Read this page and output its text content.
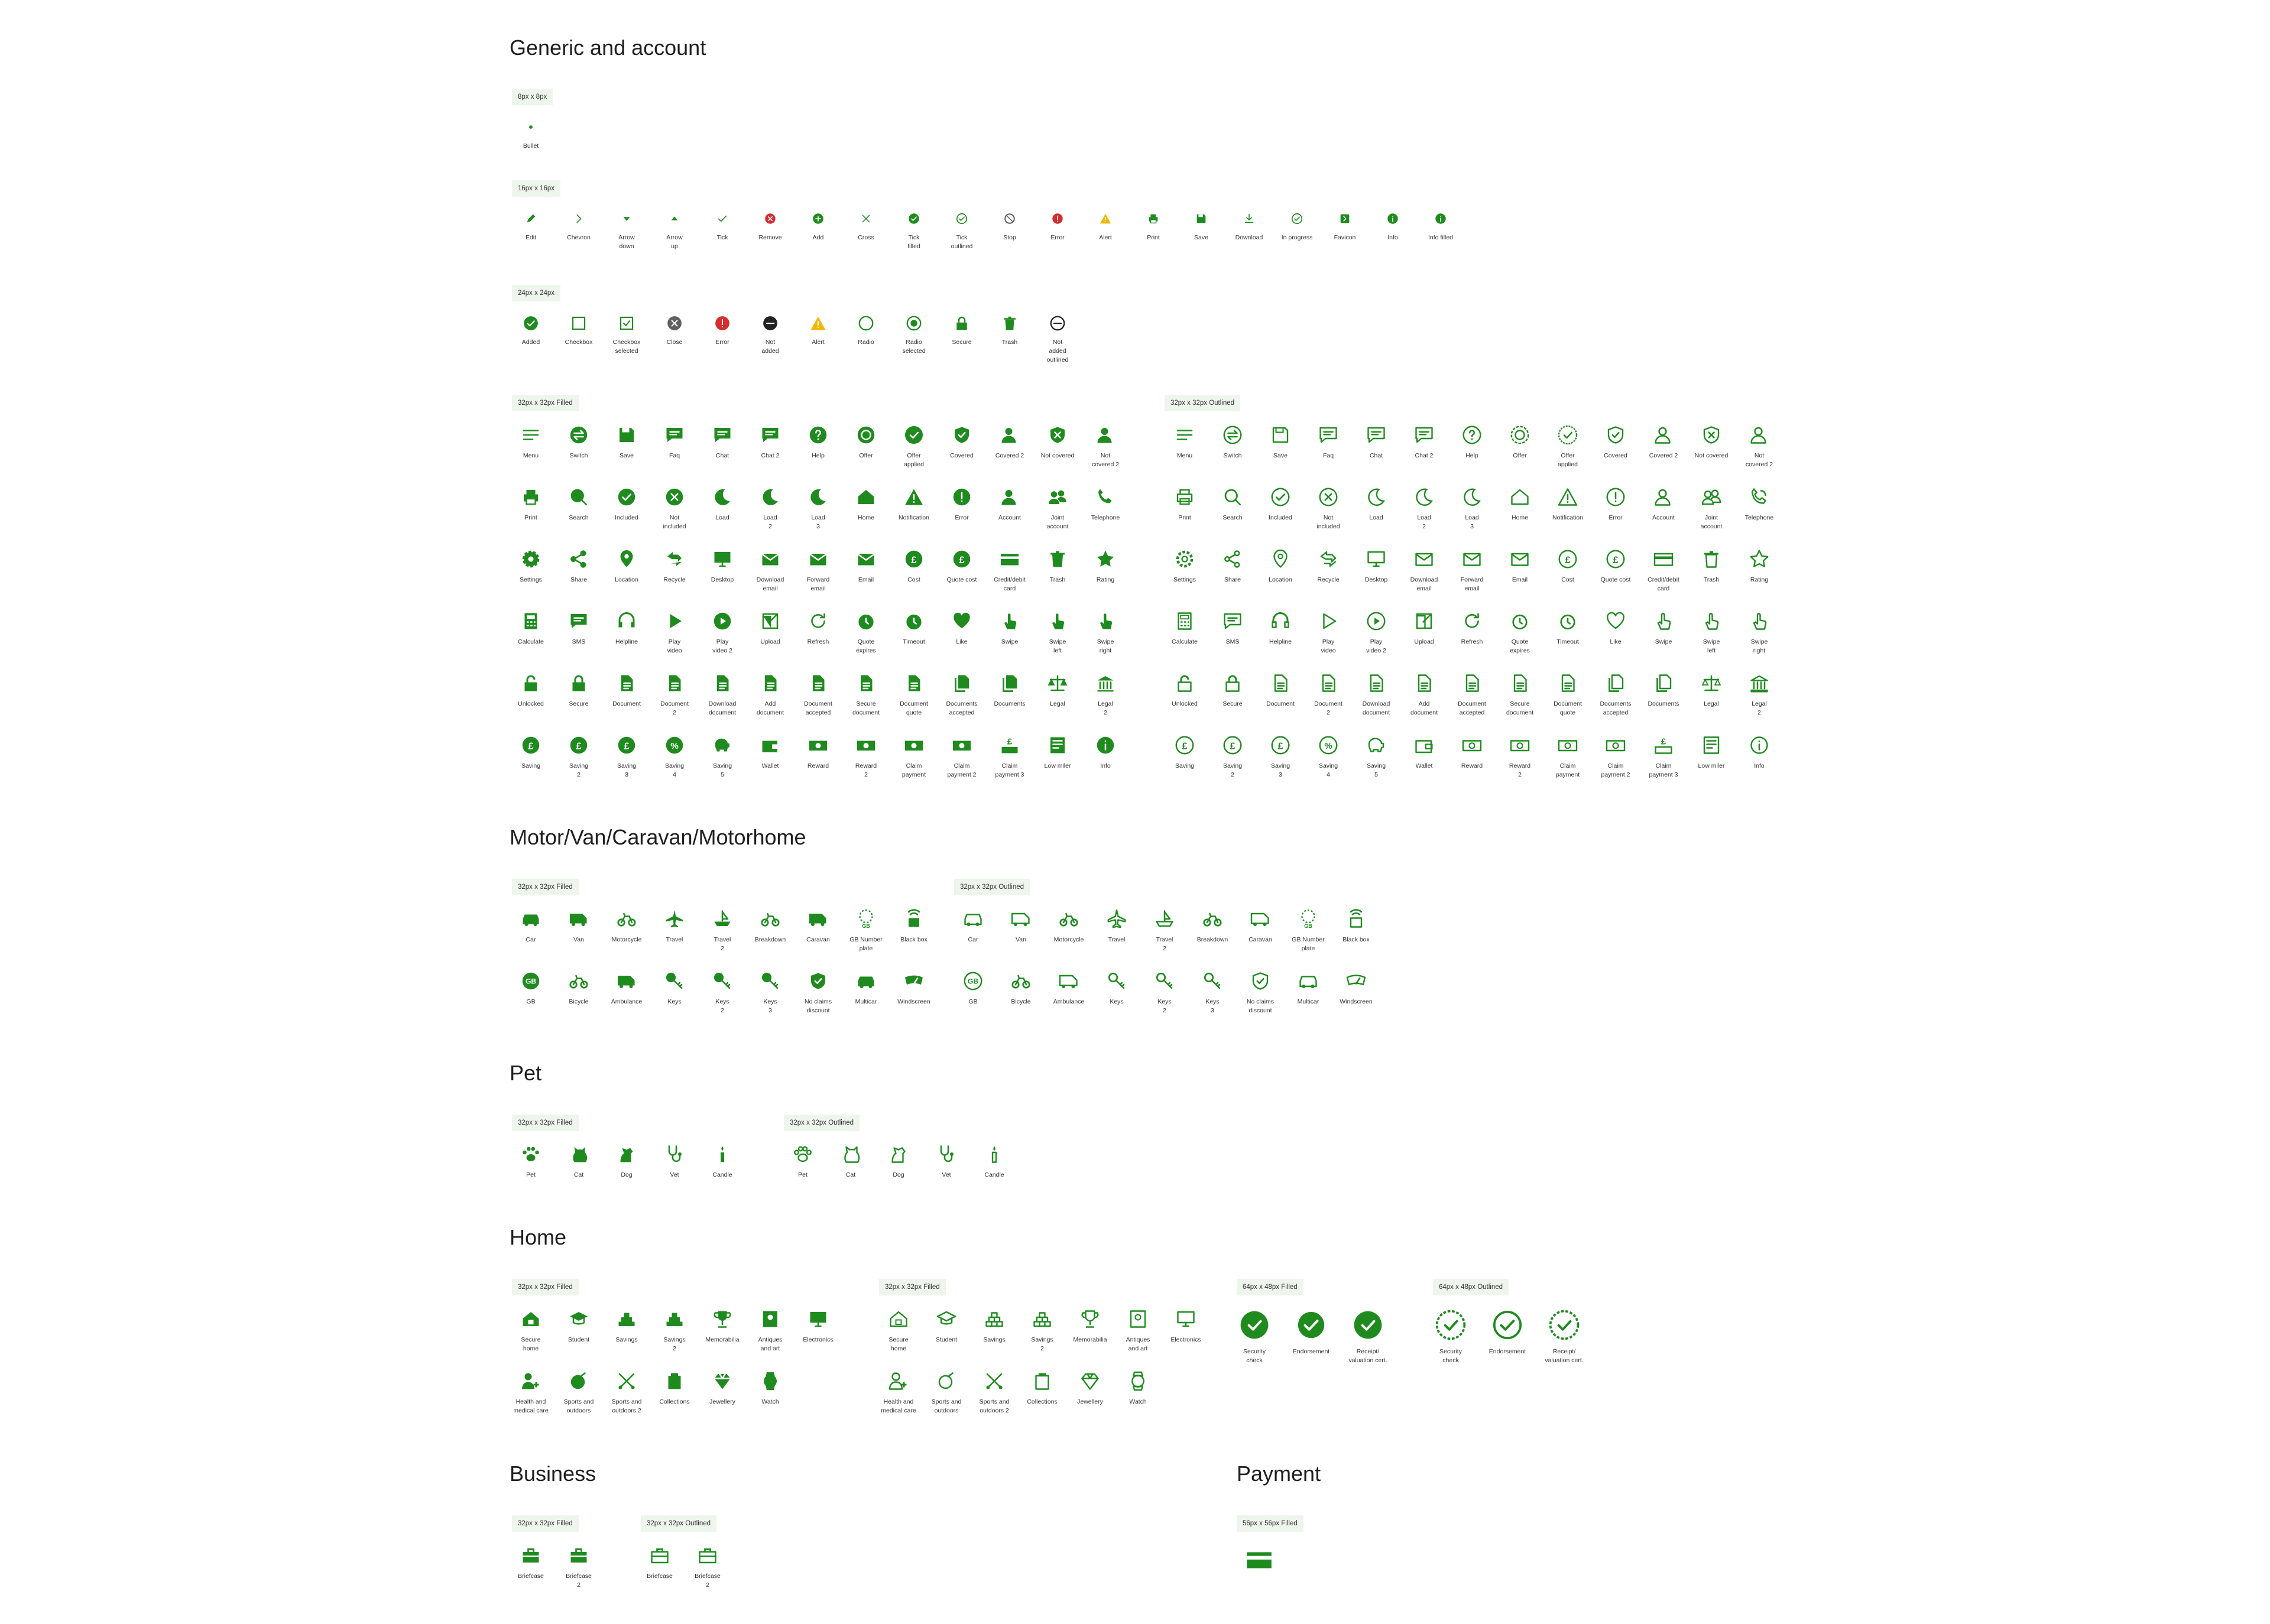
Generic and account
Motor/Van/Caravan/Motorhome
Pet
Home
Business	Payment
8px x 8px
Bullet
16px x 16px
Edit	Chevron	Arrow
down
Arrow
up
Tick	Remove	Add	Cross	Tick
filled
Tick
outlined
Stop	Error	Alert	Print	Save	Download	In progress	Favicon	Info	Info filled
24px x 24px
Added	Checkbox	Checkbox
selected
Close	Error	Not
added
Alert	Radio	Radio
selected
Secure	Trash	Not
added
outlined
32px x 32px Filled
Menu	Switch	Save	Faq	Chat	Chat 2	Help	Offer	Offer
applied
Covered	Covered 2	Not covered	Not
covered 2
Print	Search	Included	Not
included
Load	Load
2
Load
3
Home	Notification	Error	Account	Joint
account
Telephone
Settings	Share	Location	Recycle	Desktop	Download
email
Forward
email
Email
£
Cost
£
Quote cost	Credit/debit
card
Trash	Rating
Calculate	SMS	Helpline	Play
video
Play
video 2
Upload	Refresh	Quote
expires
Timeout	Like	Swipe	Swipe
left
Swipe
right
Unlocked	Secure	Document	Document
2
Download
document
Add
document
Document
accepted
Secure
document
Document
quote
Documents
accepted
Documents	Legal	Legal
2
£
Saving
£
Saving
2
£
Saving
3
%
Saving
4
Saving
5
Wallet	Reward	Reward
2
Claim
payment
Claim
payment 2
£
Claim
payment 3
Low miler	Info
32px x 32px Outlined
Menu	Switch	Save	Faq	Chat	Chat 2	Help	Offer	Offer
applied
Covered	Covered 2	Not covered	Not
covered 2
Print	Search	Included	Not
included
Load	Load
2
Load
3
Home	Notification	Error	Account	Joint
account
Telephone
Settings	Share	Location	Recycle	Desktop	Download
email
Forward
email
Email
£
Cost
£
Quote cost	Credit/debit
card
Trash	Rating
Calculate	SMS	Helpline	Play
video
Play
video 2
Upload	Refresh	Quote
expires
Timeout	Like	Swipe	Swipe
left
Swipe
right
Unlocked	Secure	Document	Document
2
Download
document
Add
document
Document
accepted
Secure
document
Document
quote
Documents
accepted
Documents	Legal	Legal
2
£
Saving
£
Saving
2
£
Saving
3
%
Saving
4
Saving
5
Wallet	Reward	Reward
2
Claim
payment
Claim
payment 2
£
Claim
payment 3
Low miler	Info
32px x 32px Filled
Car	Van	Motorcycle	Travel	Travel
2
Breakdown	Caravan
GB
GB Number
plate
Black box
GB
GB	Bicycle	Ambulance	Keys	Keys
2
Keys
3
No claims
discount
Multicar	Windscreen
32px x 32px Outlined
Car	Van	Motorcycle	Travel	Travel
2
Breakdown	Caravan
GB
GB Number
plate
Black box
GB
GB	Bicycle	Ambulance	Keys	Keys
2
Keys
3
No claims
discount
Multicar	Windscreen
32px x 32px Filled
Pet	Cat	Dog	Vet	Candle
32px x 32px Outlined
Pet	Cat	Dog	Vet	Candle
32px x 32px Filled
Secure
home
Student	Savings	Savings
2
Memorabilia	Antiques
and art
Electronics
Health and
medical care
Sports and
outdoors
Sports and
outdoors 2
Collections	Jewellery	Watch
32px x 32px Filled
Secure
home
Student	Savings	Savings
2
Memorabilia	Antiques
and art
Electronics
Health and
medical care
Sports and
outdoors
Sports and
outdoors 2
Collections	Jewellery	Watch
64px x 48px Filled
Security
check
Endorsement	Receipt/
valuation cert.
64px x 48px Outlined
Security
check
Endorsement	Receipt/
valuation cert.
32px x 32px Filled
Briefcase	Briefcase
2
32px x 32px Outlined
Briefcase	Briefcase
2
56px x 56px Filled
